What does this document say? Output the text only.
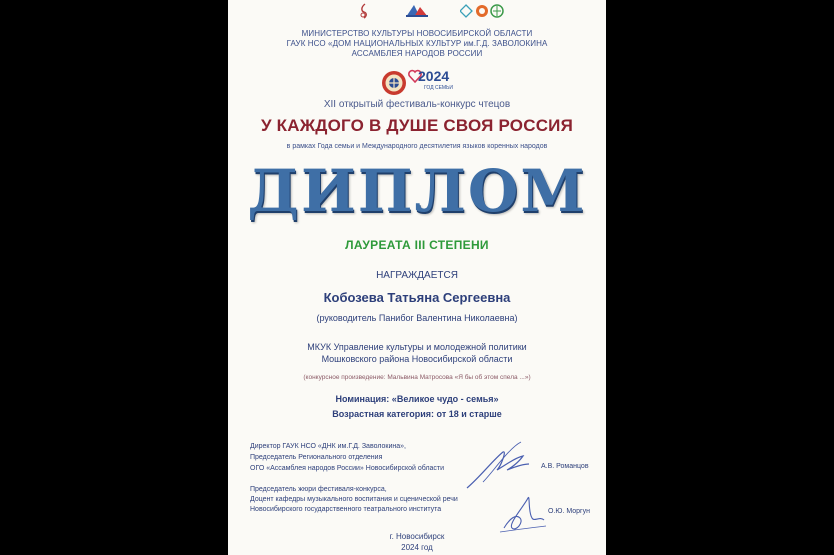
МИНИСТЕРСТВО КУЛЬТУРЫ НОВОСИБИРСКОЙ ОБЛАСТИ
ГАУК НСО «ДОМ НАЦИОНАЛЬНЫХ КУЛЬТУР им.Г.Д. ЗАВОЛОКИНА
АССАМБЛЕЯ НАРОДОВ РОССИИ
2024
ГОД СЕМЬИ
XII открытый фестиваль-конкурс чтецов
У КАЖДОГО В ДУШЕ СВОЯ РОССИЯ
в рамках Года семьи и Международного десятилетия языков коренных народов
ДИПЛОМ
ЛАУРЕАТА III СТЕПЕНИ
НАГРАЖДАЕТСЯ
Кобозева Татьяна Сергеевна
(руководитель Панибог Валентина Николаевна)
МКУК Управление культуры и молодежной политики
Мошковского района Новосибирской области
(конкурсное произведение: Мальвина Матросова «Я бы об этом спела ...»)
Номинация: «Великое чудо - семья»
Возрастная категория: от 18 и старше
Директор ГАУК НСО «ДНК им.Г.Д. Заволокина»,
Председатель Регионального отделения
ОГО «Ассамблея народов России» Новосибирской области	А.В. Романцов
Председатель жюри фестиваля-конкурса,
Доцент кафедры музыкального воспитания и сценической речи
Новосибирского государственного театрального института	О.Ю. Моргун
г. Новосибирск
2024 год
